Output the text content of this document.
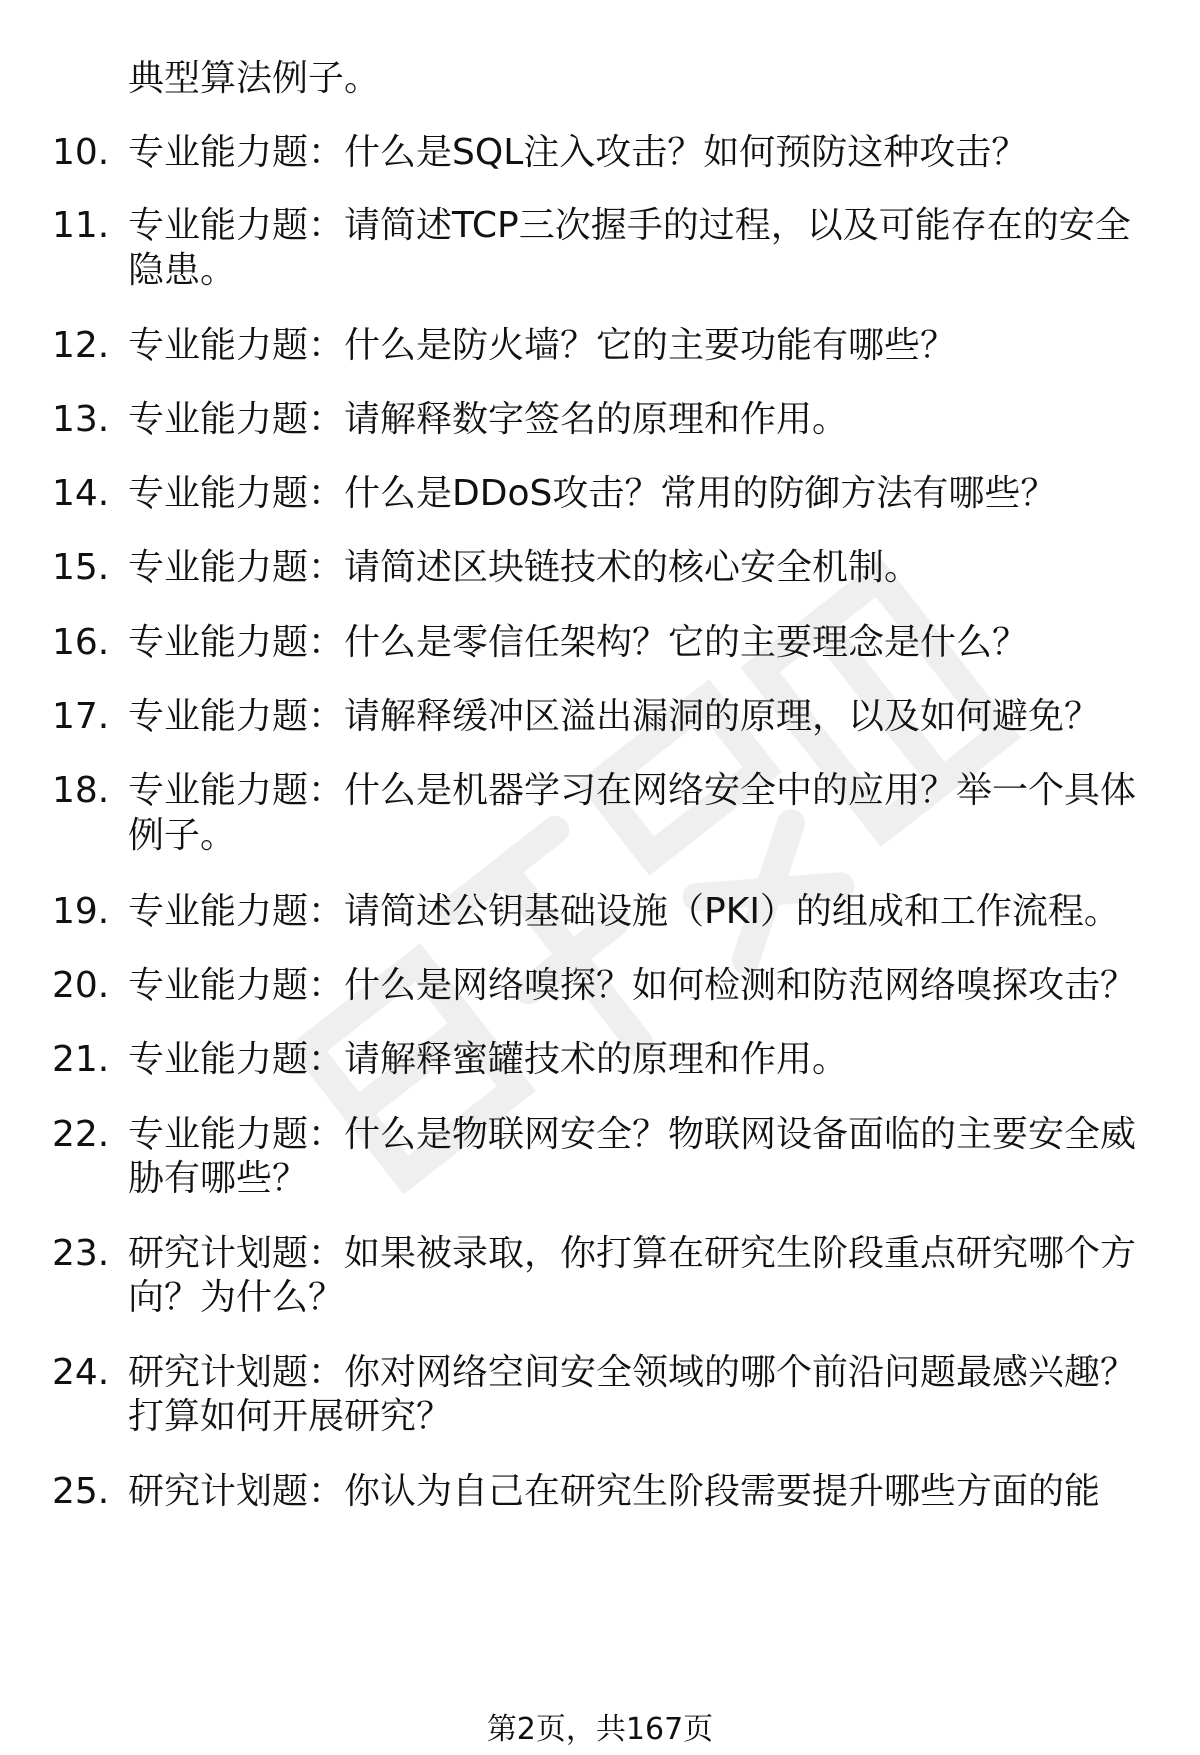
典型算法例子。
10. 专业能力题：什么是SQL注入攻击？如何预防这种攻击？
11. 专业能力题：请简述TCP三次握手的过程，以及可能存在的安全
隐患。
12. 专业能力题：什么是防火墙？它的主要功能有哪些？
13. 专业能力题：请解释数字签名的原理和作用。
14. 专业能力题：什么是DDoS攻击？常用的防御方法有哪些？
15. 专业能力题：请简述区块链技术的核心安全机制。
16. 专业能力题：什么是零信任架构？它的主要理念是什么？
17. 专业能力题：请解释缓冲区溢出漏洞的原理，以及如何避免？
18. 专业能力题：什么是机器学习在网络安全中的应用？举一个具体
例子。
19. 专业能力题：请简述公钥基础设施（PKI）的组成和工作流程。
20. 专业能力题：什么是网络嗅探？如何检测和防范网络嗅探攻击？
21. 专业能力题：请解释蜜罐技术的原理和作用。
22. 专业能力题：什么是物联网安全？物联网设备面临的主要安全威
胁有哪些？
23. 研究计划题：如果被录取，你打算在研究生阶段重点研究哪个方
向？为什么？
24. 研究计划题：你对网络空间安全领域的哪个前沿问题最感兴趣？
打算如何开展研究？
25. 研究计划题：你认为自己在研究生阶段需要提升哪些方面的能
第2页，共167页
